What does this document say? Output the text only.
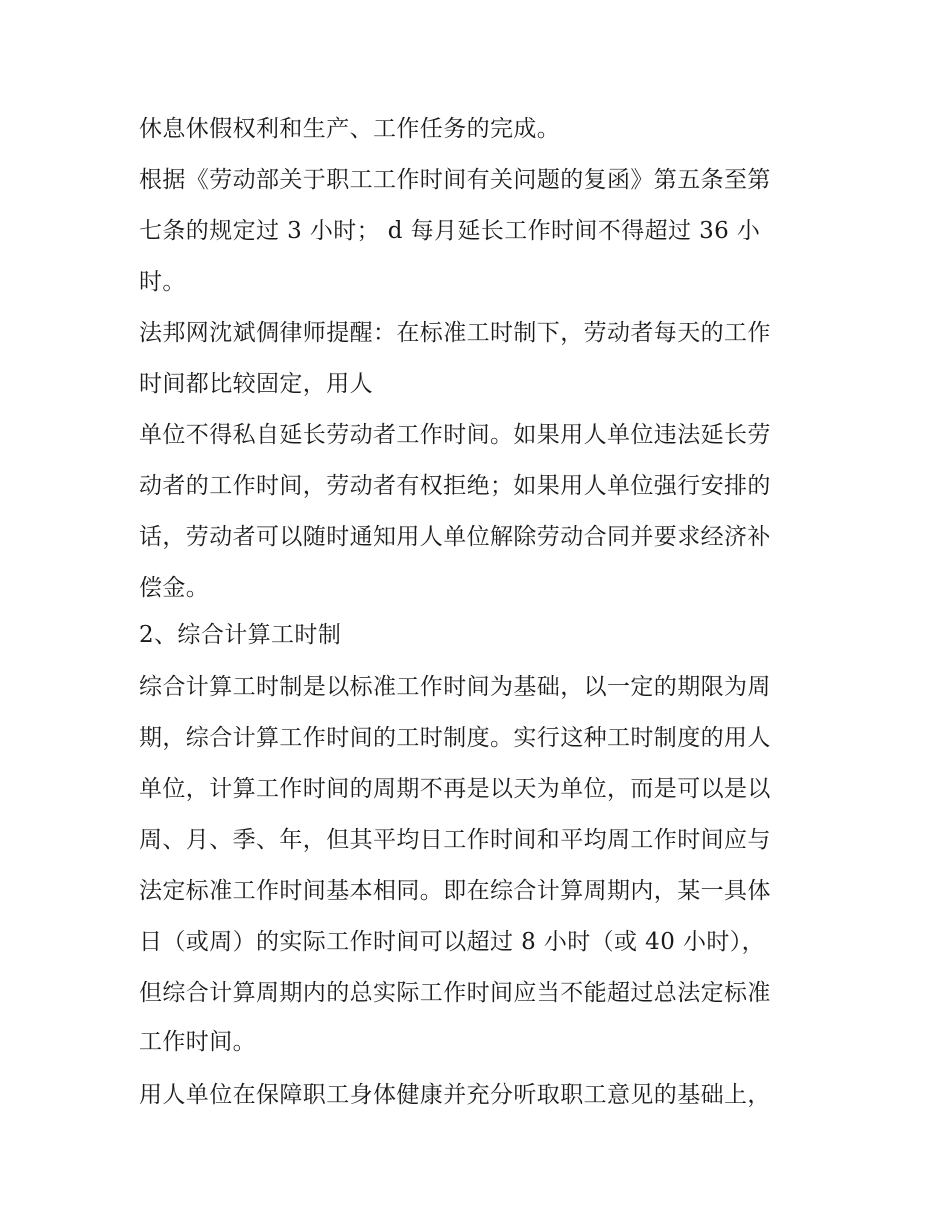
休息休假权利和生产、工作任务的完成。
根据《劳动部关于职工工作时间有关问题的复函》第五条至第
七条的规定过 3 小时； d 每月延长工作时间不得超过 36 小
时。
法邦网沈斌倜律师提醒：在标准工时制下，劳动者每天的工作
时间都比较固定，用人
单位不得私自延长劳动者工作时间。如果用人单位违法延长劳
动者的工作时间，劳动者有权拒绝；如果用人单位强行安排的
话，劳动者可以随时通知用人单位解除劳动合同并要求经济补
偿金。
2、综合计算工时制
综合计算工时制是以标准工作时间为基础，以一定的期限为周
期，综合计算工作时间的工时制度。实行这种工时制度的用人
单位，计算工作时间的周期不再是以天为单位，而是可以是以
周、月、季、年，但其平均日工作时间和平均周工作时间应与
法定标准工作时间基本相同。即在综合计算周期内，某一具体
日（或周）的实际工作时间可以超过 8 小时（或 40 小时），
但综合计算周期内的总实际工作时间应当不能超过总法定标准
工作时间。
用人单位在保障职工身体健康并充分听取职工意见的基础上，
